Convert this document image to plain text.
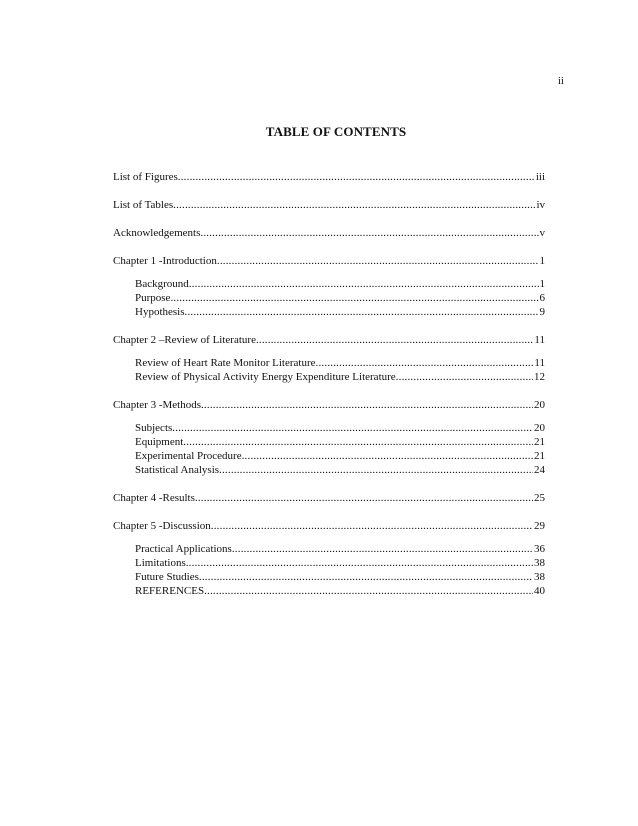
ii
TABLE OF CONTENTS
List of Figures .....	iii
List of Tables .....	iv
Acknowledgements .....	v
Chapter 1 -Introduction .....	1
Background .....	1
Purpose .....	6
Hypothesis .....	9
Chapter 2 –Review of Literature .....	11
Review of Heart Rate Monitor Literature .....	11
Review of Physical Activity Energy Expenditure Literature .....	12
Chapter 3 -Methods .....	20
Subjects .....	20
Equipment .....	21
Experimental Procedure .....	21
Statistical Analysis .....	24
Chapter 4 -Results .....	25
Chapter 5 -Discussion .....	29
Practical Applications .....	36
Limitations .....	38
Future Studies .....	38
REFERENCES .....	40
